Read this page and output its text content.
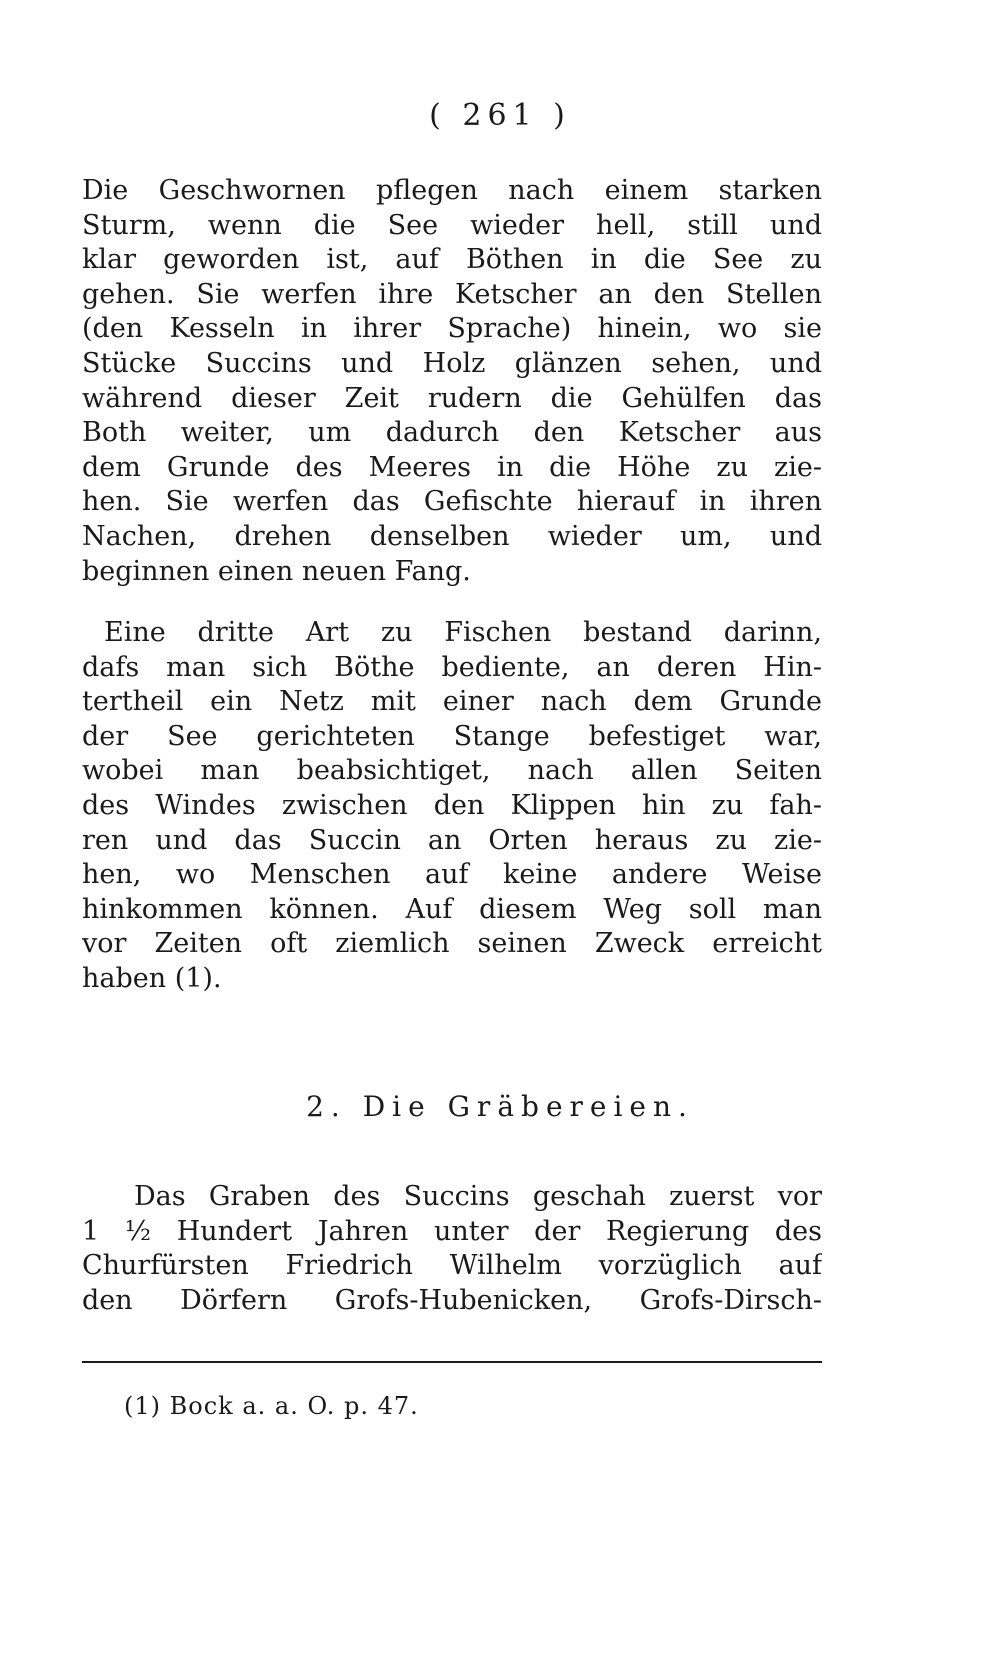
( 261 )
Die Geschwornen pflegen nach einem starken
Sturm, wenn die See wieder hell, still und
klar geworden ist, auf Böthen in die See zu
gehen. Sie werfen ihre Ketscher an den Stellen
(den Kesseln in ihrer Sprache) hinein, wo sie
Stücke Succins und Holz glänzen sehen, und
während dieser Zeit rudern die Gehülfen das
Both weiter, um dadurch den Ketscher aus
dem Grunde des Meeres in die Höhe zu zie-
hen. Sie werfen das Gefischte hierauf in ihren
Nachen, drehen denselben wieder um, und
beginnen einen neuen Fang.
Eine dritte Art zu Fischen bestand darinn,
dafs man sich Böthe bediente, an deren Hin-
tertheil ein Netz mit einer nach dem Grunde
der See gerichteten Stange befestiget war,
wobei man beabsichtiget, nach allen Seiten
des Windes zwischen den Klippen hin zu fah-
ren und das Succin an Orten heraus zu zie-
hen, wo Menschen auf keine andere Weise
hinkommen können. Auf diesem Weg soll man
vor Zeiten oft ziemlich seinen Zweck erreicht
haben (1).
2. Die Gräbereien.
Das Graben des Succins geschah zuerst vor
1 ½ Hundert Jahren unter der Regierung des
Churfürsten Friedrich Wilhelm vorzüglich auf
den Dörfern Grofs-Hubenicken, Grofs-Dirsch-
(1) Bock a. a. O. p. 47.
